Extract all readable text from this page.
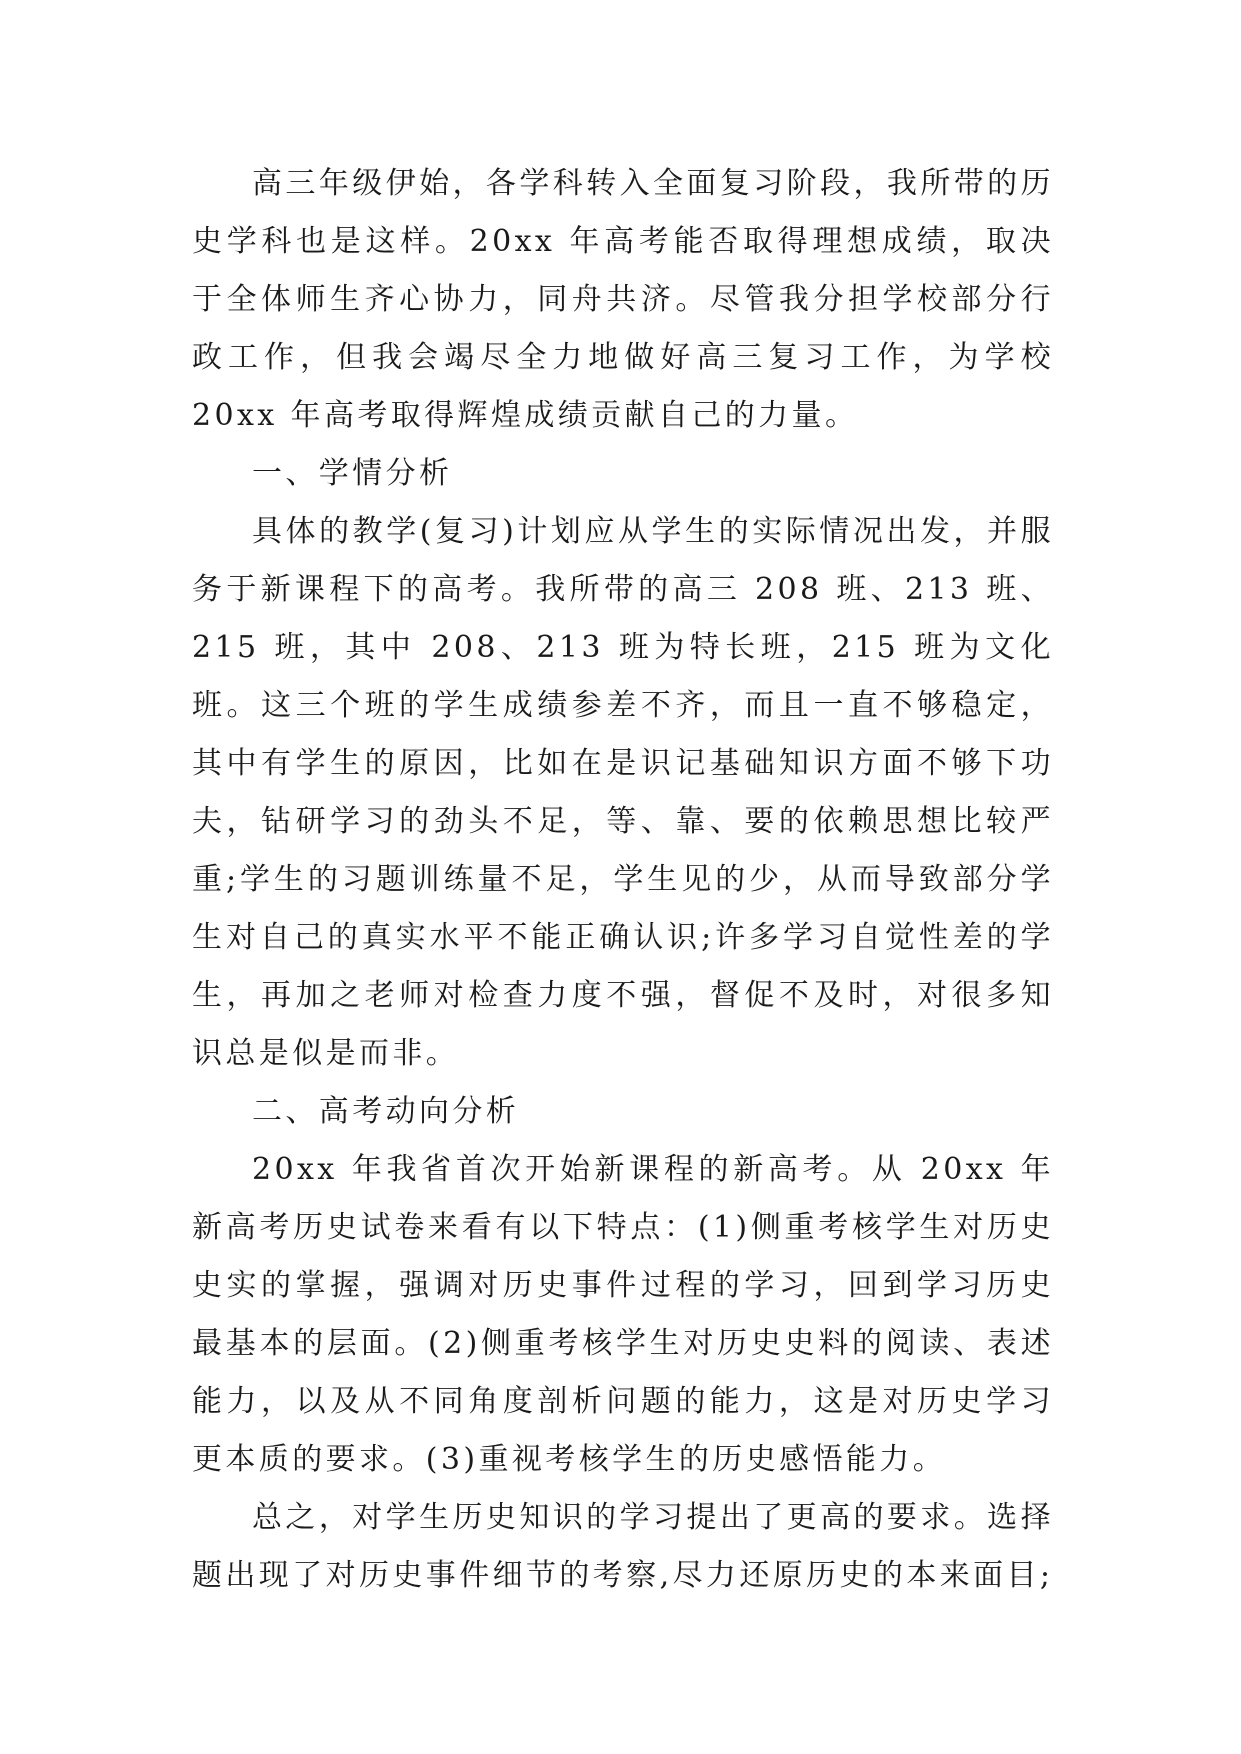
高三年级伊始，各学科转入全面复习阶段，我所带的历史学科也是这样。20xx 年高考能否取得理想成绩，取决于全体师生齐心协力，同舟共济。尽管我分担学校部分行政工作，但我会竭尽全力地做好高三复习工作，为学校 20xx 年高考取得辉煌成绩贡献自己的力量。

一、学情分析

具体的教学(复习)计划应从学生的实际情况出发，并服务于新课程下的高考。我所带的高三 208 班、213 班、215 班，其中 208、213 班为特长班，215 班为文化班。这三个班的学生成绩参差不齐，而且一直不够稳定，其中有学生的原因，比如在是识记基础知识方面不够下功夫，钻研学习的劲头不足，等、靠、要的依赖思想比较严重;学生的习题训练量不足，学生见的少，从而导致部分学生对自己的真实水平不能正确认识;许多学习自觉性差的学生，再加之老师对检查力度不强，督促不及时，对很多知识总是似是而非。

二、高考动向分析

20xx 年我省首次开始新课程的新高考。从 20xx 年新高考历史试卷来看有以下特点：(1)侧重考核学生对历史史实的掌握，强调对历史事件过程的学习，回到学习历史最基本的层面。(2)侧重考核学生对历史史料的阅读、表述能力，以及从不同角度剖析问题的能力，这是对历史学习更本质的要求。(3)重视考核学生的历史感悟能力。

总之，对学生历史知识的学习提出了更高的要求。选择题出现了对历史事件细节的考察,尽力还原历史的本来面目;
